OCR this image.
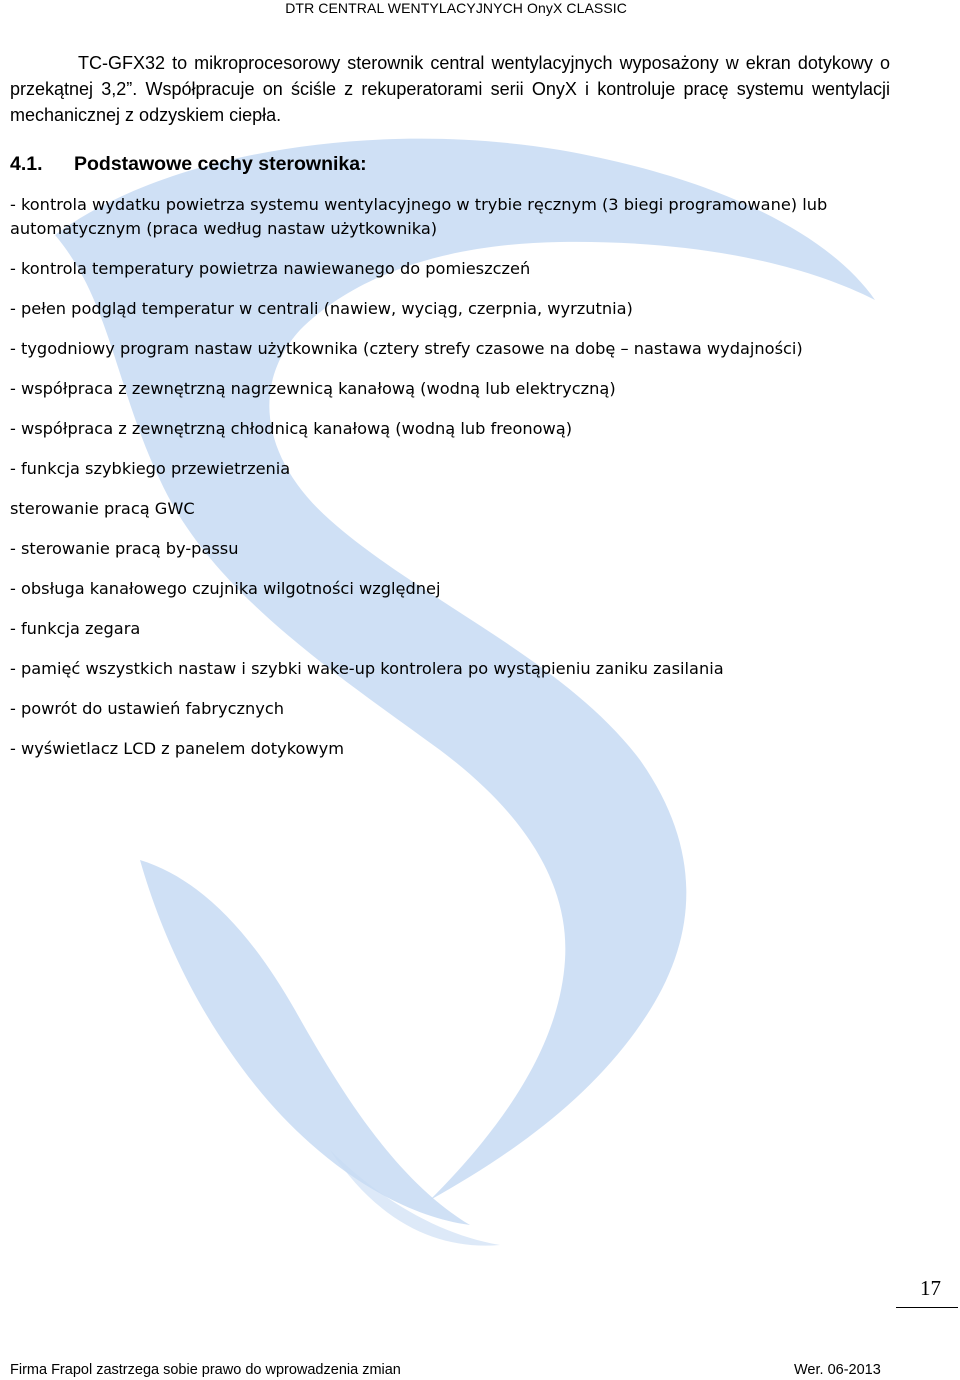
DTR CENTRAL WENTYLACYJNYCH OnyX CLASSIC

TC-GFX32 to mikroprocesorowy sterownik central wentylacyjnych wyposażony w ekran dotykowy o przekątnej 3,2”. Współpracuje on ściśle z rekuperatorami serii OnyX i kontroluje pracę systemu wentylacji mechanicznej z odzyskiem ciepła.

4.1. Podstawowe cechy sterownika:
- kontrola wydatku powietrza systemu wentylacyjnego w trybie ręcznym (3 biegi programowane) lub automatycznym (praca według nastaw użytkownika)
- kontrola temperatury powietrza nawiewanego do pomieszczeń
- pełen podgląd temperatur w centrali (nawiew, wyciąg, czerpnia, wyrzutnia)
- tygodniowy program nastaw użytkownika (cztery strefy czasowe na dobę – nastawa wydajności)
- współpraca z zewnętrzną nagrzewnicą kanałową (wodną lub elektryczną)
- współpraca z zewnętrzną chłodnicą kanałową (wodną lub freonową)
- funkcja szybkiego przewietrzenia
sterowanie pracą GWC
- sterowanie pracą by-passu
- obsługa kanałowego czujnika wilgotności względnej
- funkcja zegara
- pamięć wszystkich nastaw i szybki wake-up kontrolera po wystąpieniu zaniku zasilania
- powrót do ustawień fabrycznych
- wyświetlacz LCD z panelem dotykowym
17
Firma Frapol zastrzega sobie prawo do wprowadzenia zmian	Wer. 06-2013
